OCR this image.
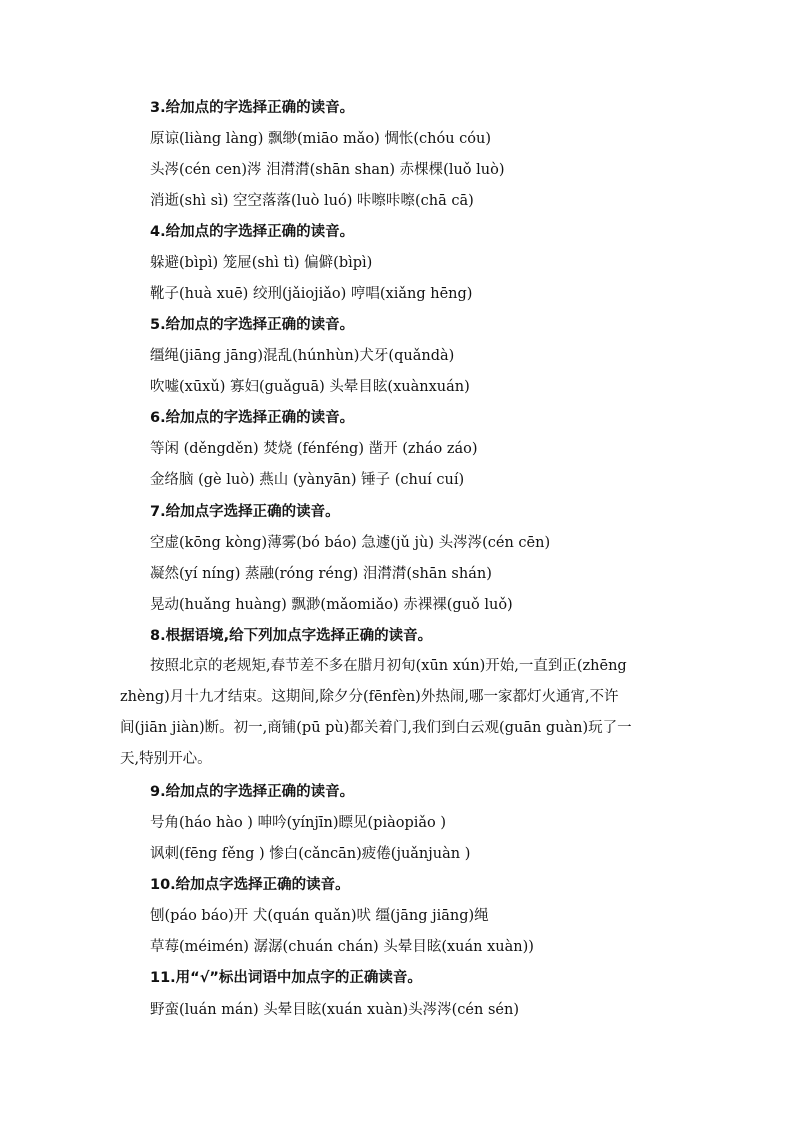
3.给加点的字选择正确的读音。
原谅(liàng làng) 飘缈(miāo mǎo) 惆怅(chóu cóu)
头涔(cén cen)涔 泪潸潸(shān shan) 赤棵棵(luǒ luò)
消逝(shì sì) 空空落落(luò luó) 咔嚓咔嚓(chā cā)
4.给加点的字选择正确的读音。
躲避(bìpì) 笼屉(shì tì) 偏僻(bìpì)
靴子(huà xuē) 绞刑(jǎiojiǎo) 哼唱(xiǎng hēng)
5.给加点的字选择正确的读音。
缰绳(jiāng jāng)混乱(húnhùn)犬牙(quǎndà)
吹嘘(xūxǔ) 寡妇(guǎguā) 头晕目眩(xuànxuán)
6.给加点的字选择正确的读音。
等闲 (děngděn) 焚烧 (fénféng) 凿开 (zháo záo)
金络脑 (gè luò) 燕山 (yànyān) 锤子 (chuí cuí)
7.给加点字选择正确的读音。
空虚(kōng kòng)薄雾(bó báo) 急遽(jǔ jù) 头涔涔(cén cēn)
凝然(yí níng) 蒸融(róng réng) 泪潸潸(shān shán)
晃动(huǎng huàng) 飘渺(mǎomiǎo) 赤裸裸(guǒ luǒ)
8.根据语境,给下列加点字选择正确的读音。
按照北京的老规矩,春节差不多在腊月初旬(xūn xún)开始,一直到正(zhēng
zhèng)月十九才结束。这期间,除夕分(fēnfèn)外热闹,哪一家都灯火通宵,不许
间(jiān jiàn)断。初一,商铺(pū pù)都关着门,我们到白云观(guān guàn)玩了一
天,特别开心。
9.给加点的字选择正确的读音。
号角(háo hào ) 呻吟(yínjīn)瞟见(piàopiǎo )
讽刺(fēng fěng ) 惨白(cǎncān)疲倦(juǎnjuàn )
10.给加点字选择正确的读音。
刨(páo báo)开 犬(quán quǎn)吠 缰(jāng jiāng)绳
草莓(méimén) 潺潺(chuán chán) 头晕目眩(xuán xuàn))
11.用“√”标出词语中加点字的正确读音。
野蛮(luán mán) 头晕目眩(xuán xuàn)头涔涔(cén sén)
